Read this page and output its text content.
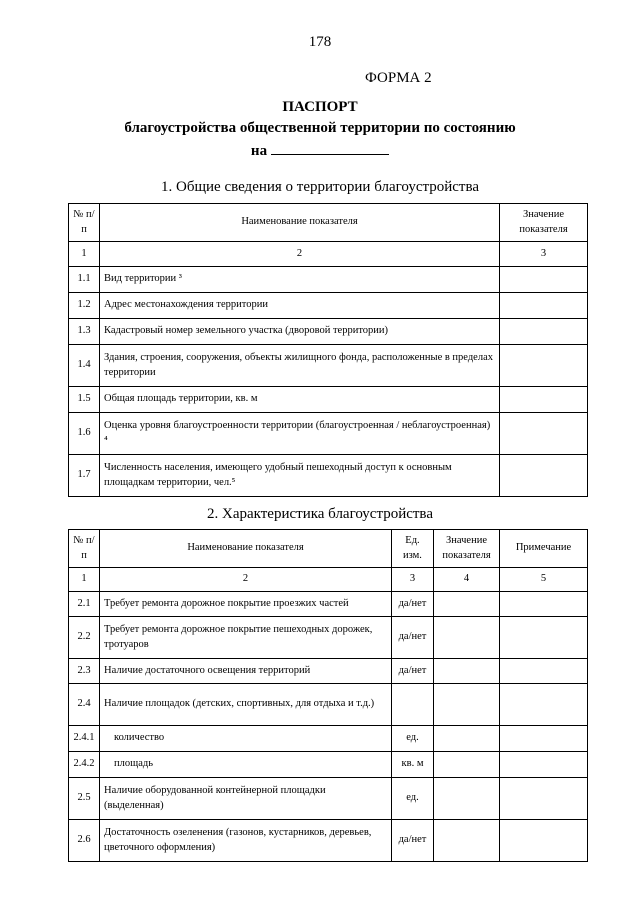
178
ФОРМА 2
ПАСПОРТ
благоустройства общественной территории по состоянию
на
1. Общие сведения о территории благоустройства
№ п/п	Наименование показателя	Значение показателя
1	2	3
1.1	Вид территории ³	
1.2	Адрес местонахождения территории	
1.3	Кадастровый номер земельного участка (дворовой территории)	
1.4	Здания, строения, сооружения, объекты жилищного фонда, расположенные в пределах территории	
1.5	Общая площадь территории, кв. м	
1.6	Оценка уровня благоустроенности территории (благоустроенная / неблагоустроенная) ⁴	
1.7	Численность населения, имеющего удобный пешеходный доступ к основным площадкам территории, чел.⁵	
2. Характеристика благоустройства
№ п/п	Наименование показателя	Ед. изм.	Значение показателя	Примечание
1	2	3	4	5
2.1	Требует ремонта дорожное покрытие проезжих частей	да/нет		
2.2	Требует ремонта дорожное покрытие пешеходных дорожек, тротуаров	да/нет		
2.3	Наличие достаточного освещения территорий	да/нет		
2.4	Наличие площадок (детских, спортивных, для отдыха и т.д.)			
2.4.1	количество	ед.		
2.4.2	площадь	кв. м		
2.5	Наличие оборудованной контейнерной площадки (выделенная)	ед.		
2.6	Достаточность озеленения (газонов, кустарников, деревьев, цветочного оформления)	да/нет		
